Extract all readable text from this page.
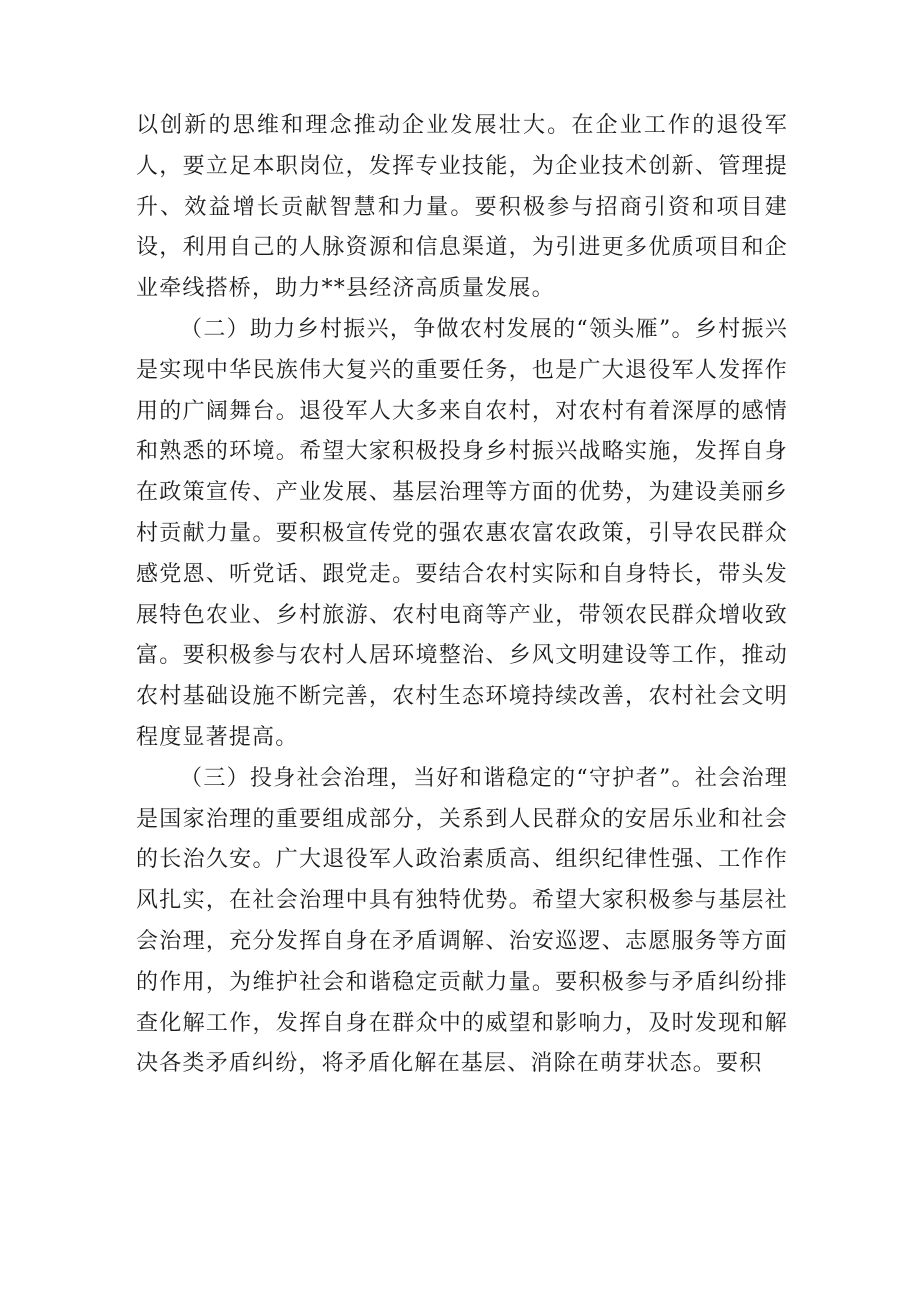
以创新的思维和理念推动企业发展壮大。在企业工作的退役军人，要立足本职岗位，发挥专业技能，为企业技术创新、管理提升、效益增长贡献智慧和力量。要积极参与招商引资和项目建设，利用自己的人脉资源和信息渠道，为引进更多优质项目和企业牵线搭桥，助力**县经济高质量发展。

（二）助力乡村振兴，争做农村发展的“领头雁”。乡村振兴是实现中华民族伟大复兴的重要任务，也是广大退役军人发挥作用的广阔舞台。退役军人大多来自农村，对农村有着深厚的感情和熟悉的环境。希望大家积极投身乡村振兴战略实施，发挥自身在政策宣传、产业发展、基层治理等方面的优势，为建设美丽乡村贡献力量。要积极宣传党的强农惠农富农政策，引导农民群众感党恩、听党话、跟党走。要结合农村实际和自身特长，带头发展特色农业、乡村旅游、农村电商等产业，带领农民群众增收致富。要积极参与农村人居环境整治、乡风文明建设等工作，推动农村基础设施不断完善，农村生态环境持续改善，农村社会文明程度显著提高。

（三）投身社会治理，当好和谐稳定的“守护者”。社会治理是国家治理的重要组成部分，关系到人民群众的安居乐业和社会的长治久安。广大退役军人政治素质高、组织纪律性强、工作作风扎实，在社会治理中具有独特优势。希望大家积极参与基层社会治理，充分发挥自身在矛盾调解、治安巡逻、志愿服务等方面的作用，为维护社会和谐稳定贡献力量。要积极参与矛盾纠纷排查化解工作，发挥自身在群众中的威望和影响力，及时发现和解决各类矛盾纠纷，将矛盾化解在基层、消除在萌芽状态。要积
